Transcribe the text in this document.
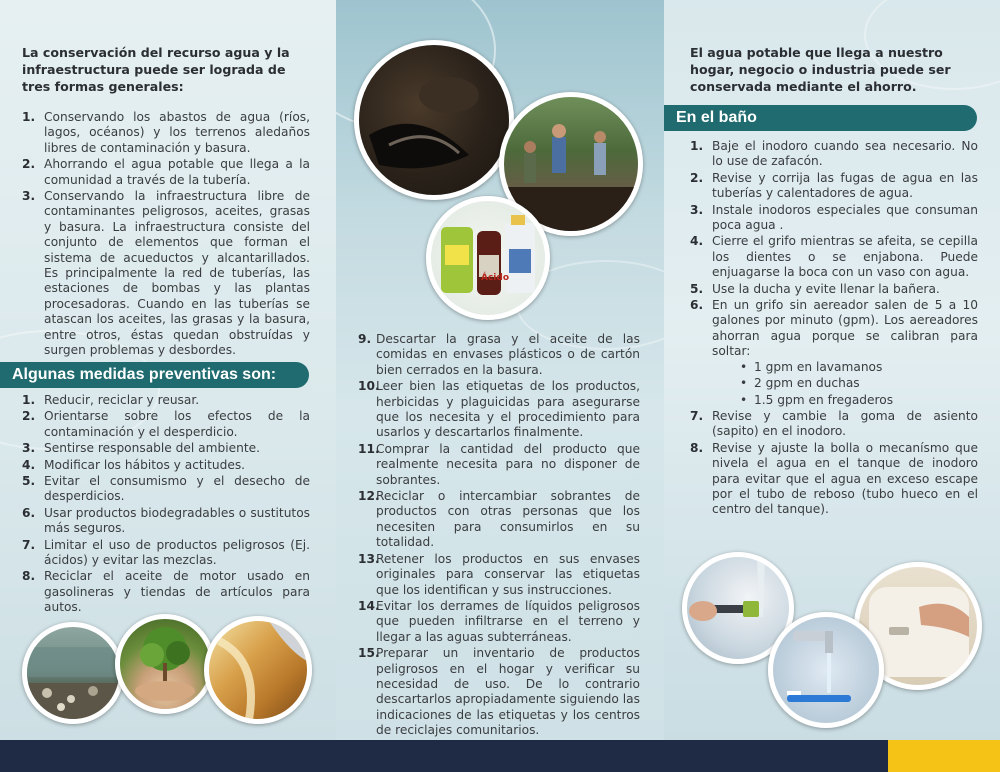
La conservación del recurso agua y la infraestructura puede ser lograda de tres formas generales:

1. Conservando los abastos de agua (ríos, lagos, océanos) y los terrenos aledaños libres de contaminación y basura.
2. Ahorrando el agua potable que llega a la comunidad a través de la tubería.
3. Conservando la infraestructura libre de contaminantes peligrosos, aceites, grasas y basura. La infraestructura consiste del conjunto de elementos que forman el sistema de acueductos y alcantarillados. Es principalmente la red de tuberías, las estaciones de bombas y las plantas procesadoras. Cuando en las tuberías se atascan los aceites, las grasas y la basura, entre otros, éstas quedan obstruídas y surgen problemas y desbordes.
Algunas medidas preventivas son:
1. Reducir, reciclar y reusar.
2. Orientarse sobre los efectos de la contaminación y el desperdicio.
3. Sentirse responsable del ambiente.
4. Modificar los hábitos y actitudes.
5. Evitar el consumismo y el desecho de desperdicios.
6. Usar productos biodegradables o sustitutos más seguros.
7. Limitar el uso de productos peligrosos (Ej. ácidos) y evitar las mezclas.
8. Reciclar el aceite de motor usado en gasolineras y tiendas de artículos para autos.
Ácido
9. Descartar la grasa y el aceite de las comidas en envases plásticos o de cartón bien cerrados en la basura.
10.
Leer bien las etiquetas de los productos, herbicidas y plaguicidas para asegurarse que los necesita y el procedimiento para usarlos y descartarlos finalmente.
11.
Comprar la cantidad del producto que realmente necesita para no disponer de sobrantes.
12.
Reciclar o intercambiar sobrantes de productos con otras personas que los necesiten para consumirlos en su totalidad.
13.
Retener los productos en sus envases originales para conservar las etiquetas que los identifican y sus instrucciones.
14.
Evitar los derrames de líquidos peligrosos que pueden infiltrarse en el terreno y llegar a las aguas subterráneas.
15.
Preparar un inventario de productos peligrosos en el hogar y verificar su necesidad de uso. De lo contrario descartarlos apropiadamente siguiendo las indicaciones de las etiquetas y los centros de reciclajes comunitarios.

El agua potable que llega a nuestro hogar, negocio o industria puede ser conservada mediante el ahorro.

En el baño
1. Baje el inodoro cuando sea necesario. No lo use de zafacón.
2. Revise y corrija las fugas de agua en las tuberías y calentadores de agua.
3. Instale inodoros especiales que consuman poca agua .
4. Cierre el grifo mientras se afeita, se cepilla los dientes o se enjabona. Puede enjuagarse la boca con un vaso con agua.
5. Use la ducha y evite llenar la bañera.
6. En un grifo sin aereador salen de 5 a 10 galones por minuto (gpm). Los aereadores ahorran agua porque se calibran para soltar:
• 1 gpm en lavamanos
• 2 gpm en duchas
• 1.5 gpm en fregaderos
7. Revise y cambie la goma de asiento (sapito) en el inodoro.
8. Revise y ajuste la bolla o mecanísmo que nivela el agua en el tanque de inodoro para evitar que el agua en exceso escape por el tubo de reboso (tubo hueco en el centro del tanque).
